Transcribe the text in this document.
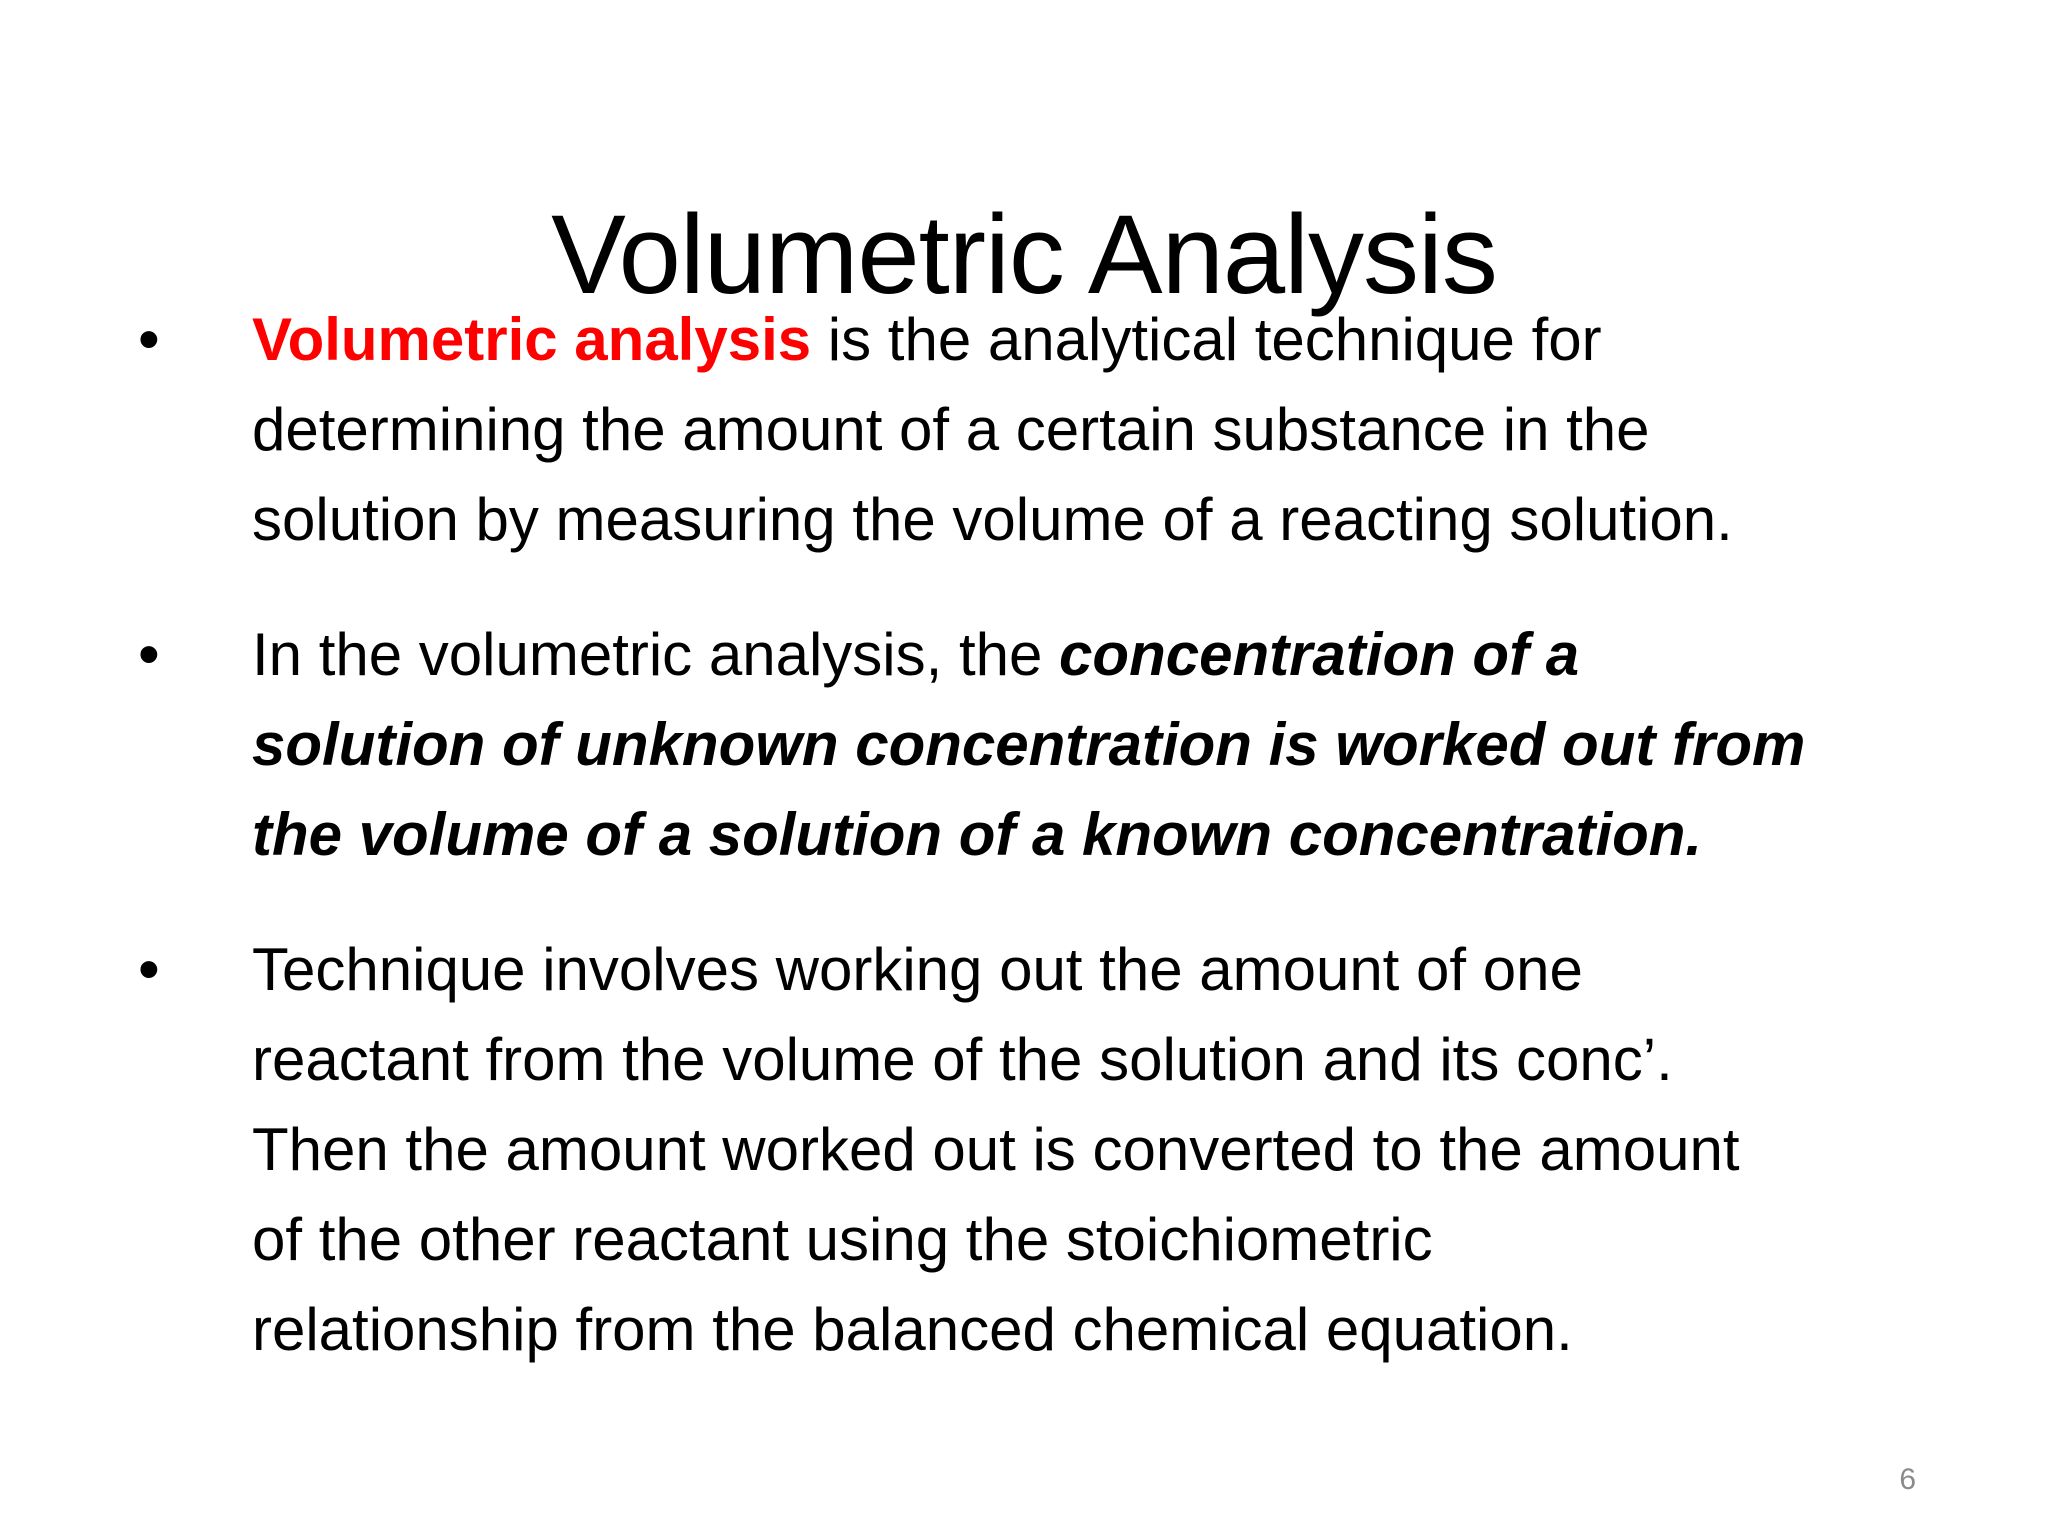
Volumetric Analysis
•	Volumetric analysis is the analytical technique for
determining the amount of a certain substance in the
solution by measuring the volume of a reacting solution.
•	In the volumetric analysis, the concentration of a
solution of unknown concentration is worked out from
the volume of a solution of a known concentration.
•	Technique involves working out the amount of one
reactant from the volume of the solution and its conc’.
Then the amount worked out is converted to the amount
of the other reactant using the stoichiometric
relationship from the balanced chemical equation.
6
